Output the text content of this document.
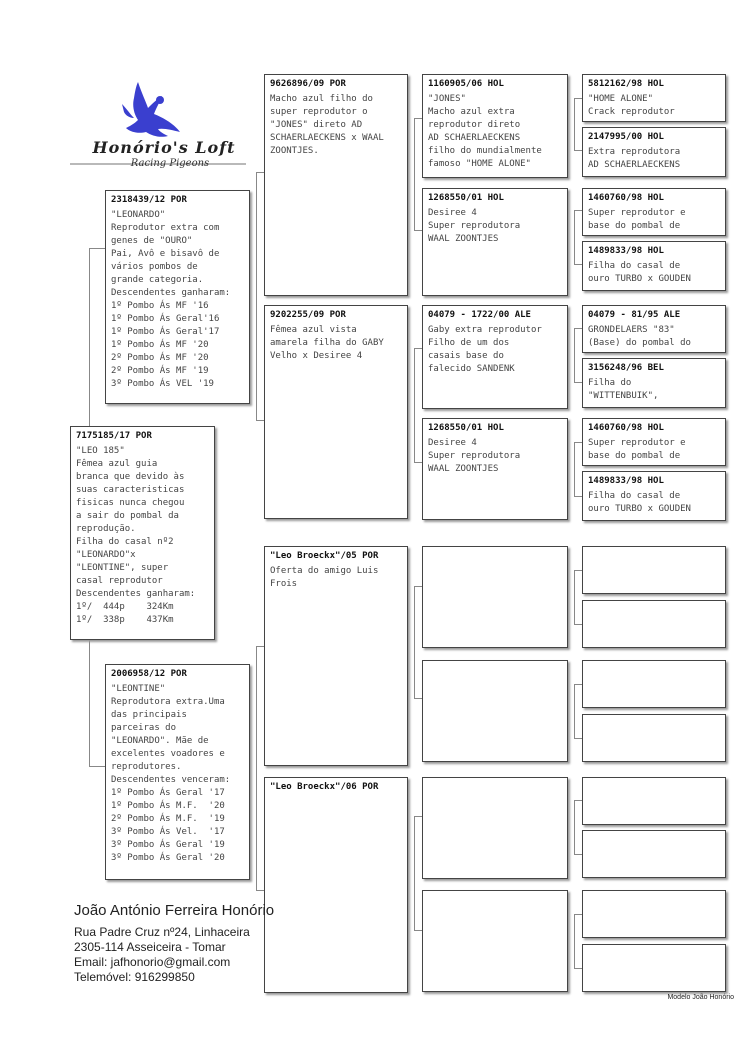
Honório's Loft
Racing Pigeons
2318439/12 POR
"LEONARDO"
Reprodutor extra com
genes de "OURO"
Pai, Avô e bisavô de
vários pombos de
grande categoria.
Descendentes ganharam:
1º Pombo Ás MF '16
1º Pombo Ás Geral'16
1º Pombo Ás Geral'17
1º Pombo Ás MF '20
2º Pombo Ás MF '20
2º Pombo Ás MF '19
3º Pombo Ás VEL '19
7175185/17 POR
"LEO 185"
Fêmea azul guia
branca que devido às
suas caracteristicas
fisicas nunca chegou
a sair do pombal da
reprodução.
Filha do casal nº2
"LEONARDO"x
"LEONTINE", super
casal reprodutor
Descendentes ganharam:
1º/  444p    324Km
1º/  338p    437Km
2006958/12 POR
"LEONTINE"
Reprodutora extra.Uma
das principais
parceiras do
"LEONARDO". Mãe de
excelentes voadores e
reprodutores.
Descendentes venceram:
1º Pombo Ás Geral '17
1º Pombo Ás M.F.  '20
2º Pombo Ás M.F.  '19
3º Pombo Ás Vel.  '17
3º Pombo Ás Geral '19
3º Pombo Ás Geral '20
9626896/09 POR
Macho azul filho do
super reprodutor o
"JONES" direto AD
SCHAERLAECKENS x WAAL
ZOONTJES.
9202255/09 POR
Fêmea azul vista
amarela filha do GABY
Velho x Desiree 4
"Leo Broeckx"/05 POR
Oferta do amigo Luis
Frois
"Leo Broeckx"/06 POR
1160905/06 HOL
"JONES"
Macho azul extra
reprodutor direto
AD SCHAERLAECKENS
filho do mundialmente
famoso "HOME ALONE"
1268550/01 HOL
Desiree 4
Super reprodutora
WAAL ZOONTJES
04079 - 1722/00 ALE
Gaby extra reprodutor
Filho de um dos
casais base do
falecido SANDENK
1268550/01 HOL
Desiree 4
Super reprodutora
WAAL ZOONTJES
5812162/98 HOL
"HOME ALONE"
Crack reprodutor
2147995/00 HOL
Extra reprodutora
AD SCHAERLAECKENS
1460760/98 HOL
Super reprodutor e
base do pombal de
1489833/98 HOL
Filha do casal de
ouro TURBO x GOUDEN
04079 - 81/95 ALE
GRONDELAERS "83"
(Base) do pombal do
3156248/96 BEL
Filha do
"WITTENBUIK",
1460760/98 HOL
Super reprodutor e
base do pombal de
1489833/98 HOL
Filha do casal de
ouro TURBO x GOUDEN
João António Ferreira Honório
Rua Padre Cruz nº24, Linhaceira
2305-114 Asseiceira - Tomar
Email: jafhonorio@gmail.com
Telemóvel: 916299850
Modelo João Honório
